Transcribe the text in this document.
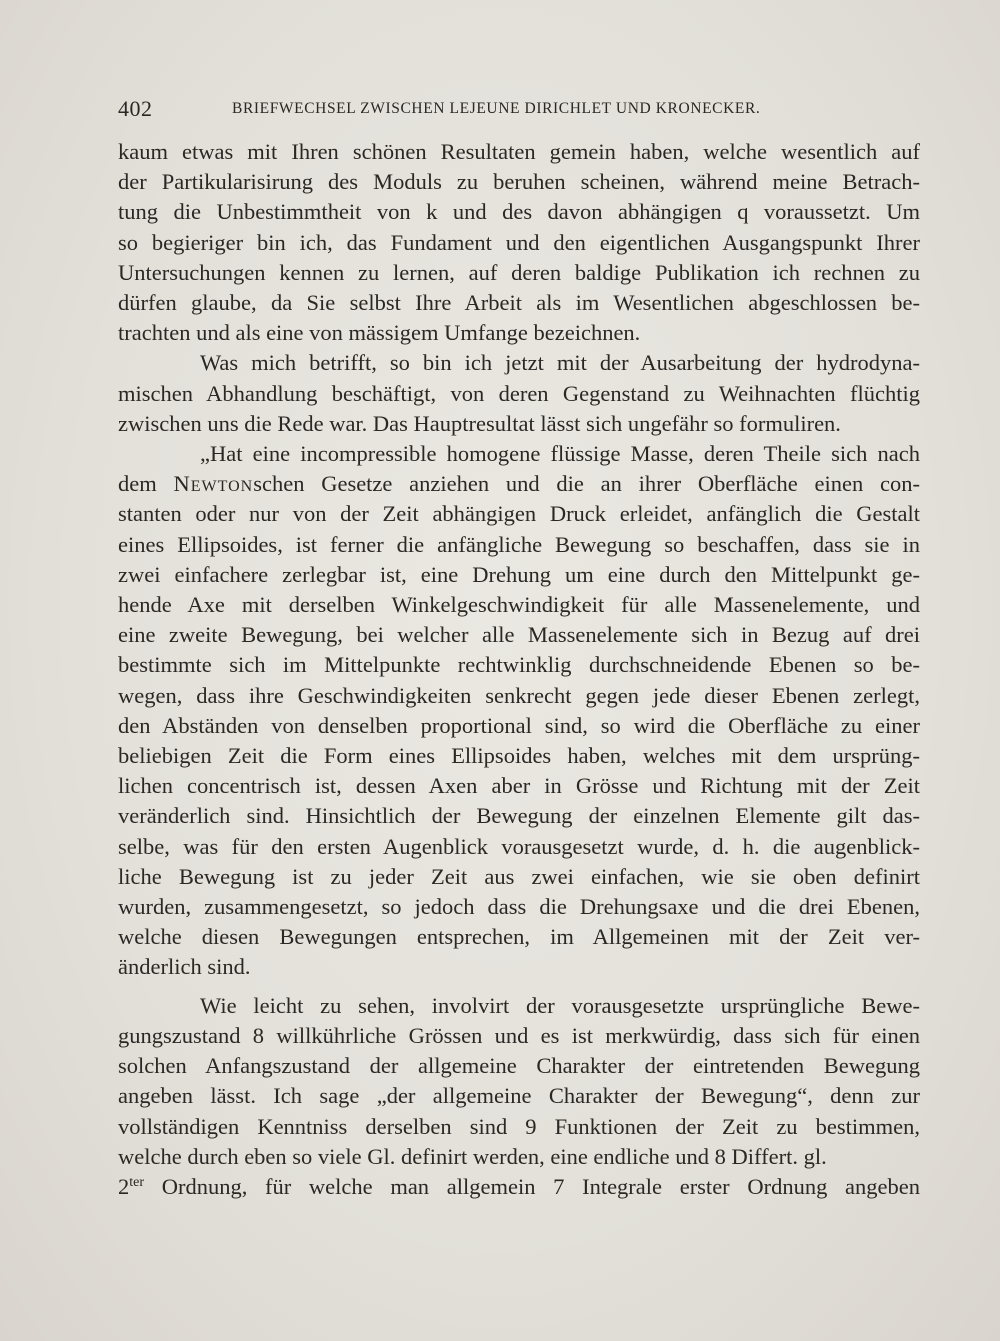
402	BRIEFWECHSEL ZWISCHEN LEJEUNE DIRICHLET UND KRONECKER.
kaum etwas mit Ihren schönen Resultaten gemein haben, welche wesentlich auf
der Partikularisirung des Moduls zu beruhen scheinen, während meine Betrach-
tung die Unbestimmtheit von k und des davon abhängigen q voraussetzt. Um
so begieriger bin ich, das Fundament und den eigentlichen Ausgangspunkt Ihrer
Untersuchungen kennen zu lernen, auf deren baldige Publikation ich rechnen zu
dürfen glaube, da Sie selbst Ihre Arbeit als im Wesentlichen abgeschlossen be-
trachten und als eine von mässigem Umfange bezeichnen.
Was mich betrifft, so bin ich jetzt mit der Ausarbeitung der hydrodyna-
mischen Abhandlung beschäftigt, von deren Gegenstand zu Weihnachten flüchtig
zwischen uns die Rede war. Das Hauptresultat lässt sich ungefähr so formuliren.
„Hat eine incompressible homogene flüssige Masse, deren Theile sich nach
dem Newtonschen Gesetze anziehen und die an ihrer Oberfläche einen con-
stanten oder nur von der Zeit abhängigen Druck erleidet, anfänglich die Gestalt
eines Ellipsoides, ist ferner die anfängliche Bewegung so beschaffen, dass sie in
zwei einfachere zerlegbar ist, eine Drehung um eine durch den Mittelpunkt ge-
hende Axe mit derselben Winkelgeschwindigkeit für alle Massenelemente, und
eine zweite Bewegung, bei welcher alle Massenelemente sich in Bezug auf drei
bestimmte sich im Mittelpunkte rechtwinklig durchschneidende Ebenen so be-
wegen, dass ihre Geschwindigkeiten senkrecht gegen jede dieser Ebenen zerlegt,
den Abständen von denselben proportional sind, so wird die Oberfläche zu einer
beliebigen Zeit die Form eines Ellipsoides haben, welches mit dem ursprüng-
lichen concentrisch ist, dessen Axen aber in Grösse und Richtung mit der Zeit
veränderlich sind. Hinsichtlich der Bewegung der einzelnen Elemente gilt das-
selbe, was für den ersten Augenblick vorausgesetzt wurde, d. h. die augenblick-
liche Bewegung ist zu jeder Zeit aus zwei einfachen, wie sie oben definirt
wurden, zusammengesetzt, so jedoch dass die Drehungsaxe und die drei Ebenen,
welche diesen Bewegungen entsprechen, im Allgemeinen mit der Zeit ver-
änderlich sind.
Wie leicht zu sehen, involvirt der vorausgesetzte ursprüngliche Bewe-
gungszustand 8 willkührliche Grössen und es ist merkwürdig, dass sich für einen
solchen Anfangszustand der allgemeine Charakter der eintretenden Bewegung
angeben lässt. Ich sage „der allgemeine Charakter der Bewegung“, denn zur
vollständigen Kenntniss derselben sind 9 Funktionen der Zeit zu bestimmen,
welche durch eben so viele Gl. definirt werden, eine endliche und 8 Differt. gl.
$2^{ter}$ Ordnung, für welche man allgemein 7 Integrale erster Ordnung angeben
